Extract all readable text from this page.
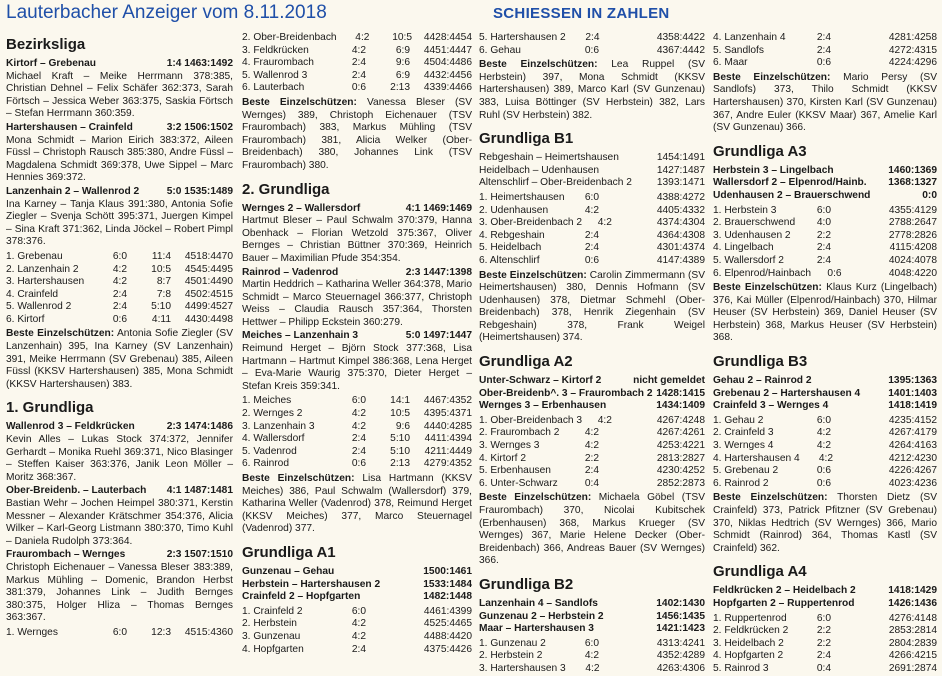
Lauterbacher Anzeiger vom 8.11.2018	SCHIESSEN IN ZAHLEN
Bezirksliga
Kirtorf – Grebenau	1:4 1463:1492
Michael Kraft – Meike Herrmann 378:385, Christian Dehnel – Felix Schäfer 362:373, Sarah Förtsch – Jessica Weber 363:375, Saskia Förtsch – Stefan Herrmann 360:359.
Hartershausen – Crainfeld	3:2 1506:1502
Mona Schmidt – Marion Eirich 383:372, Aileen Füssl – Christoph Rausch 385:380, Andre Füssl – Magdalena Schmidt 369:378, Uwe Sippel – Marc Hennies 369:372.
Lanzenhain 2 – Wallenrod 2	5:0 1535:1489
Ina Karney – Tanja Klaus 391:380, Antonia Sofie Ziegler – Svenja Schött 395:371, Juergen Kimpel – Sina Kraft 371:362, Linda Jöckel – Robert Pimpl 378:376.
1. Grebenau	6:0	11:4	4518:4470
2. Lanzenhain 2	4:2	10:5	4545:4495
3. Hartershausen	4:2	8:7	4501:4490
4. Crainfeld	2:4	7:8	4502:4515
5. Wallenrod 2	2:4	5:10	4499:4527
6. Kirtorf	0:6	4:11	4430:4498
Beste Einzelschützen: Antonia Sofie Ziegler (SV Lanzenhain) 395, Ina Karney (SV Lanzenhain) 391, Meike Herrmann (SV Grebenau) 385, Aileen Füssl (KKSV Hartershausen) 385, Mona Schmidt (KKSV Hartershausen) 383.
1. Grundliga
Wallenrod 3 – Feldkrücken	2:3 1474:1486
Kevin Alles – Lukas Stock 374:372, Jennifer Gerhardt – Monika Ruehl 369:371, Nico Blasinger – Steffen Kaiser 363:376, Janik Leon Möller – Moritz 368:367.
Ober-Breidenb. – Lauterbach 4:1 1487:1481
Bastian Wehr – Jochen Heimpel 380:371, Kerstin Messner – Alexander Krätschmer 354:376, Alicia Wilker – Karl-Georg Listmann 380:370, Timo Kuhl – Daniela Rudolph 373:364.
Fraurombach – Wernges	2:3 1507:1510
Christoph Eichenauer – Vanessa Bleser 383:389, Markus Mühling – Domenic, Brandon Herbst 381:379, Johannes Link – Judith Bernges 380:375, Holger Hliza – Thomas Bernges 363:367.
1. Wernges	6:0	12:3	4515:4360
2. Ober-Breidenbach	4:2	10:5	4428:4454
3. Feldkrücken	4:2	6:9	4451:4447
4. Fraurombach	2:4	9:6	4504:4486
5. Wallenrod 3	2:4	6:9	4432:4456
6. Lauterbach	0:6	2:13	4339:4466
Beste Einzelschützen: Vanessa Bleser (SV Wernges) 389, Christoph Eichenauer (TSV Fraurombach) 383, Markus Mühling (TSV Fraurombach) 381, Alicia Welker (Ober-Breidenbach) 380, Johannes Link (TSV Fraurombach) 380.
2. Grundliga
Wernges 2 – Wallersdorf	4:1 1469:1469
Hartmut Bleser – Paul Schwalm 370:379, Hanna Obenhack – Florian Wetzold 375:367, Oliver Bernges – Christian Büttner 370:369, Heinrich Bauer – Maximilian Pfude 354:354.
Rainrod – Vadenrod	2:3 1447:1398
Martin Heddrich – Katharina Weller 364:378, Mario Schmidt – Marco Steuernagel 366:377, Christoph Weiss – Claudia Rausch 357:364, Thorsten Hettwer – Philipp Eckstein 360:279.
Meiches – Lanzenhain 3	5:0 1497:1447
Reimund Herget – Björn Stock 377:368, Lisa Hartmann – Hartmut Kimpel 386:368, Lena Herget – Eva-Marie Waurig 375:370, Dieter Herget – Stefan Kreis 359:341.
1. Meiches	6:0	14:1	4467:4352
2. Wernges 2	4:2	10:5	4395:4371
3. Lanzenhain 3	4:2	9:6	4440:4285
4. Wallersdorf	2:4	5:10	4411:4394
5. Vadenrod	2:4	5:10	4211:4449
6. Rainrod	0:6	2:13	4279:4352
Beste Einzelschützen: Lisa Hartmann (KKSV Meiches) 386, Paul Schwalm (Wallersdorf) 379, Katharina Weller (Vadenrod) 378, Reimund Herget (KKSV Meiches) 377, Marco Steuernagel (Vadenrod) 377.
Grundliga A1
Gunzenau – Gehau	1500:1461
Herbstein – Hartershausen 2	1533:1484
Crainfeld 2 – Hopfgarten	1482:1448
1. Crainfeld 2	6:0	4461:4399
2. Herbstein	4:2	4525:4465
3. Gunzenau	4:2	4488:4420
4. Hopfgarten	2:4	4375:4426
5. Hartershausen 2	2:4	4358:4422
6. Gehau	0:6	4367:4442
Beste Einzelschützen: Lea Ruppel (SV Herbstein) 397, Mona Schmidt (KKSV Hartershausen) 389, Marco Karl (SV Gunzenau) 383, Luisa Böttinger (SV Herbstein) 382, Lars Ruhl (SV Herbstein) 382.
Grundliga B1
Rebgeshain – Heimertshausen	1454:1491
Heidelbach – Udenhausen	1427:1487
Altenschlirf – Ober-Breidenbach 2	1393:1471
1. Heimertshausen	6:0	4388:4272
2. Udenhausen	4:2	4405:4332
3. Ober-Breidenbach 2	4:2	4374:4304
4. Rebgeshain	2:4	4364:4308
5. Heidelbach	2:4	4301:4374
6. Altenschlirf	0:6	4147:4389
Beste Einzelschützen: Carolin Zimmermann (SV Heimertshausen) 380, Dennis Hofmann (SV Udenhausen) 378, Dietmar Schmehl (Ober-Breidenbach) 378, Henrik Ziegenhain (SV Rebgeshain) 378, Frank Weigel (Heimertshausen) 374.
Grundliga A2
Unter-Schwarz – Kirtorf 2	nicht gemeldet
Ober-Breidenb^. 3 – Fraurombach 2 1428:1415
Wernges 3 – Erbenhausen	1434:1409
1. Ober-Breidenbach 3	4:2	4267:4248
2. Fraurombach 2	4:2	4267:4261
3. Wernges 3	4:2	4253:4221
4. Kirtorf 2	2:2	2813:2827
5. Erbenhausen	2:4	4230:4252
6. Unter-Schwarz	0:4	2852:2873
Beste Einzelschützen: Michaela Göbel (TSV Fraurombach) 370, Nicolai Kubitschek (Erbenhausen) 368, Markus Krueger (SV Wernges) 367, Marie Helene Decker (Ober-Breidenbach) 366, Andreas Bauer (SV Wernges) 366.
Grundliga B2
Lanzenhain 4 – Sandlofs	1402:1430
Gunzenau 2 – Herbstein 2	1456:1435
Maar – Hartershausen 3	1421:1423
1. Gunzenau 2	6:0	4313:4241
2. Herbstein 2	4:2	4352:4289
3. Hartershausen 3	4:2	4263:4306
4. Lanzenhain 4	2:4	4281:4258
5. Sandlofs	2:4	4272:4315
6. Maar	0:6	4224:4296
Beste Einzelschützen: Mario Persy (SV Sandlofs) 373, Thilo Schmidt (KKSV Hartershausen) 370, Kirsten Karl (SV Gunzenau) 367, Andre Euler (KKSV Maar) 367, Amelie Karl (SV Gunzenau) 366.
Grundliga A3
Herbstein 3 – Lingelbach	1460:1369
Wallersdorf 2 – Elpenrod/Hainb. 1368:1327
Udenhausen 2 – Brauerschwend	0:0
1. Herbstein 3	6:0	4355:4129
2. Brauerschwend	4:0	2788:2647
3. Udenhausen 2	2:2	2778:2826
4. Lingelbach	2:4	4115:4208
5. Wallersdorf 2	2:4	4024:4078
6. Elpenrod/Hainbach	0:6	4048:4220
Beste Einzelschützen: Klaus Kurz (Lingelbach) 376, Kai Müller (Elpenrod/Hainbach) 370, Hilmar Heuser (SV Herbstein) 369, Daniel Heuser (SV Herbstein) 368, Markus Heuser (SV Herbstein) 368.
Grundliga B3
Gehau 2 – Rainrod 2	1395:1363
Grebenau 2 – Hartershausen 4	1401:1403
Crainfeld 3 – Wernges 4	1418:1419
1. Gehau 2	6:0	4235:4152
2. Crainfeld 3	4:2	4267:4179
3. Wernges 4	4:2	4264:4163
4. Hartershausen 4	4:2	4212:4230
5. Grebenau 2	0:6	4226:4267
6. Rainrod 2	0:6	4023:4236
Beste Einzelschützen: Thorsten Dietz (SV Crainfeld) 373, Patrick Pfitzner (SV Grebenau) 370, Niklas Hedtrich (SV Wernges) 366, Mario Schmidt (Rainrod) 364, Thomas Kastl (SV Crainfeld) 362.
Grundliga A4
Feldkrücken 2 – Heidelbach 2	1418:1429
Hopfgarten 2 – Ruppertenrod	1426:1436
1. Ruppertenrod	6:0	4276:4148
2. Feldkrücken 2	2:2	2853:2814
3. Heidelbach 2	2:2	2804:2839
4. Hopfgarten 2	2:4	4266:4215
5. Rainrod 3	0:4	2691:2874
